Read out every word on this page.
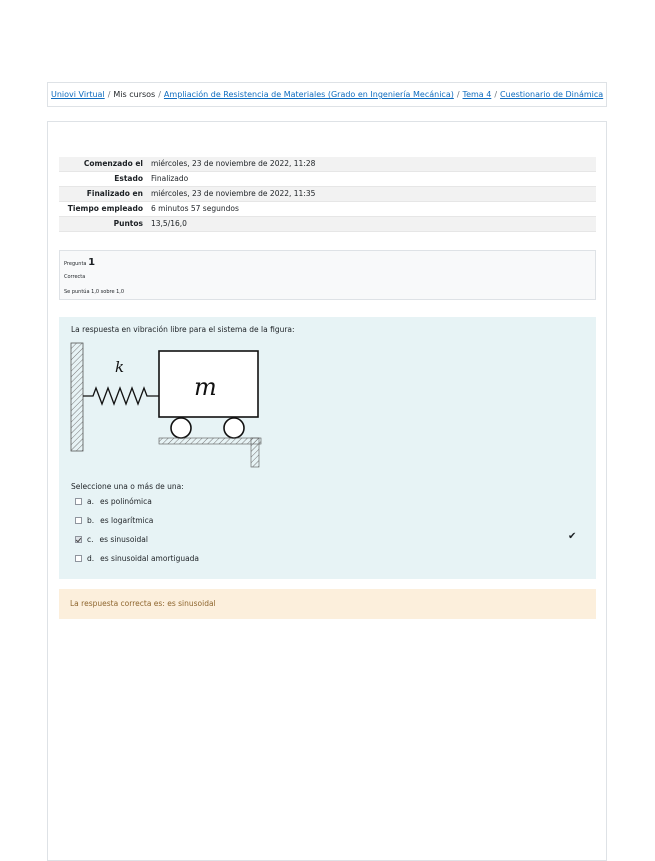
Uniovi Virtual / Mis cursos / Ampliación de Resistencia de Materiales (Grado en Ingeniería Mecánica) / Tema 4 / Cuestionario de Dinámica
Comenzado el	miércoles, 23 de noviembre de 2022, 11:28
Estado	Finalizado
Finalizado en	miércoles, 23 de noviembre de 2022, 11:35
Tiempo empleado	6 minutos 57 segundos
Puntos	13,5/16,0
Pregunta 1
Correcta
Se puntúa 1,0 sobre 1,0
La respuesta en vibración libre para el sistema de la figura:
k
m
Seleccione una o más de una:
a. es polinómica
b. es logarítmica
c. es sinusoidal
d. es sinusoidal amortiguada
✔
La respuesta correcta es: es sinusoidal
